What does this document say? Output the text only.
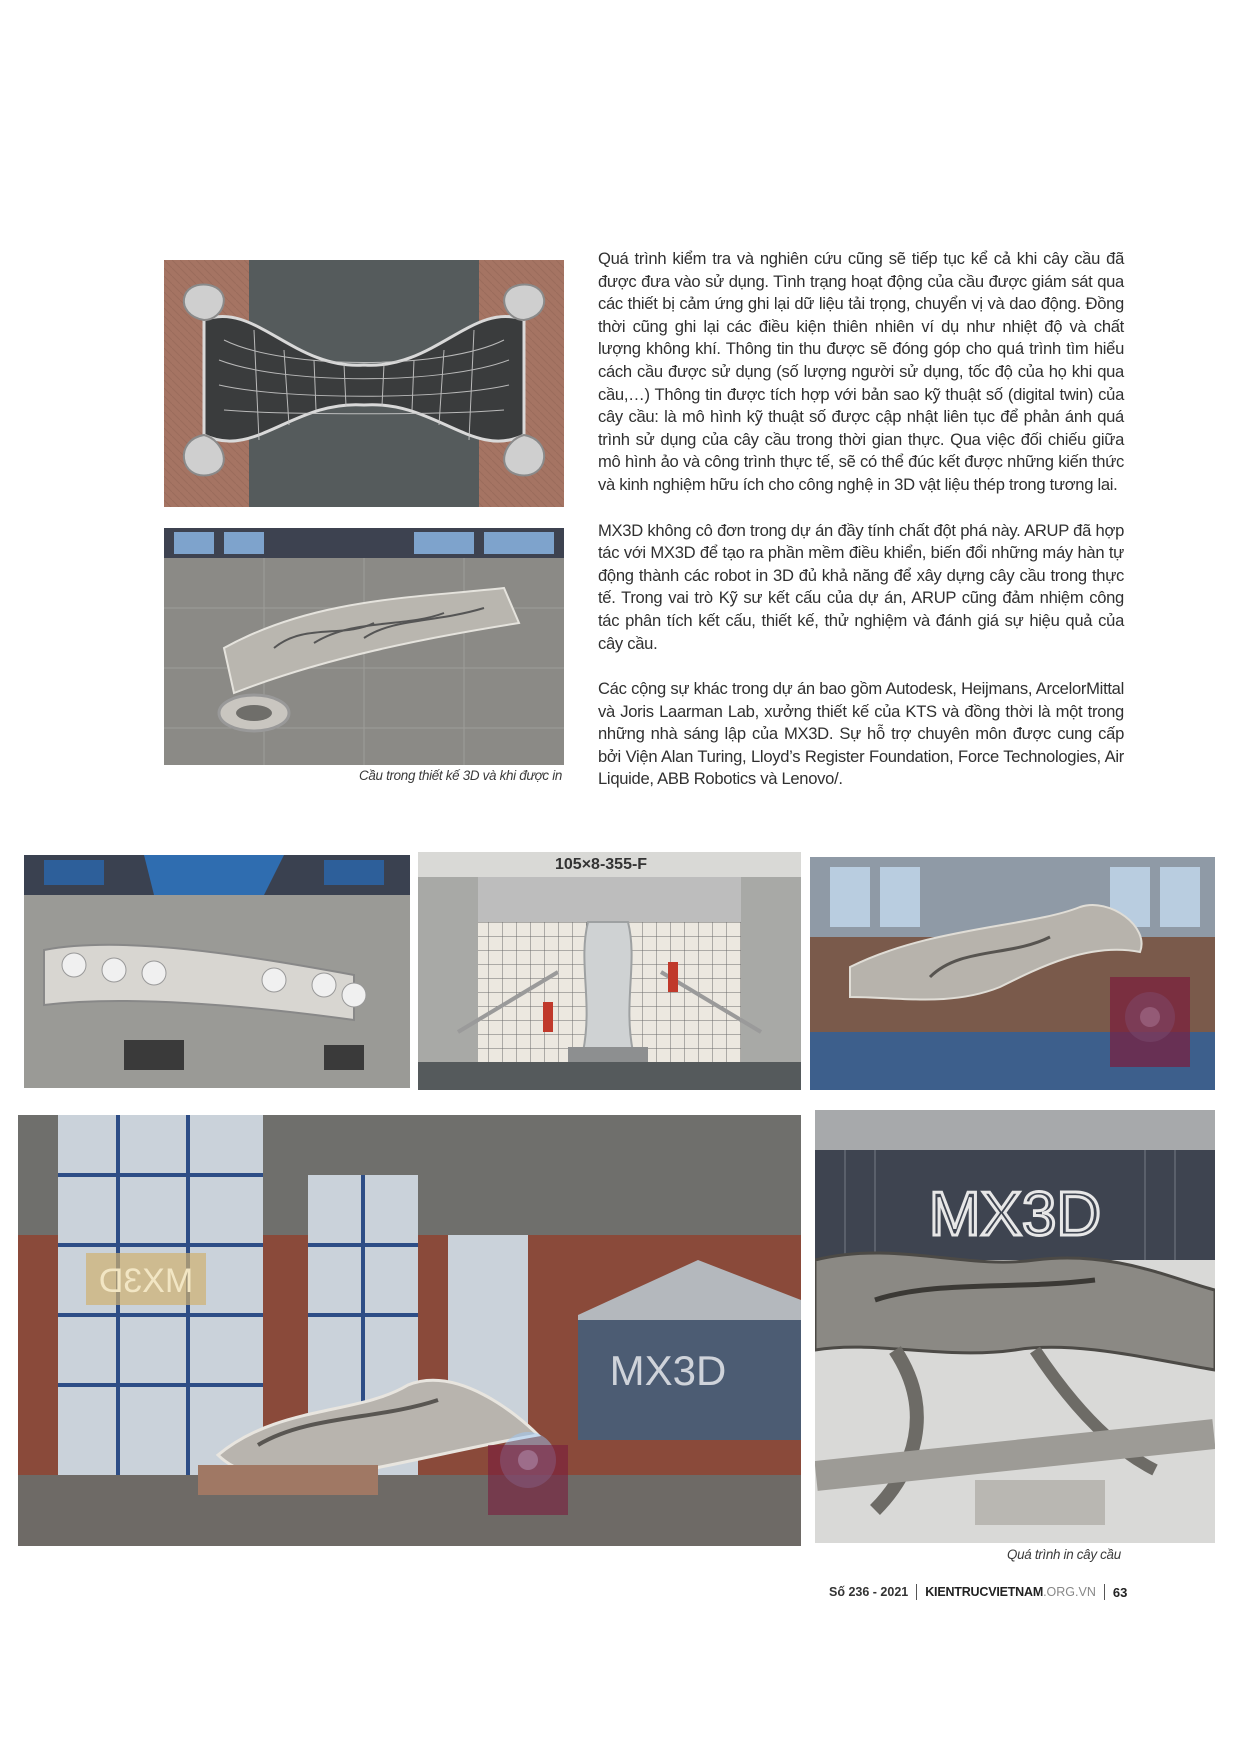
Quá trình kiểm tra và nghiên cứu cũng sẽ tiếp tục kể cả khi cây cầu đã được đưa vào sử dụng. Tình trạng hoạt động của cầu được giám sát qua các thiết bị cảm ứng ghi lại dữ liệu tải trọng, chuyển vị và dao động. Đồng thời cũng ghi lại các điều kiện thiên nhiên ví dụ như nhiệt độ và chất lượng không khí. Thông tin thu được sẽ đóng góp cho quá trình tìm hiểu cách cầu được sử dụng (số lượng người sử dụng, tốc độ của họ khi qua cầu,…) Thông tin được tích hợp với bản sao kỹ thuật số (digital twin) của cây cầu: là mô hình kỹ thuật số được cập nhật liên tục để phản ánh quá trình sử dụng của cây cầu trong thời gian thực. Qua việc đối chiếu giữa mô hình ảo và công trình thực tế, sẽ có thể đúc kết được những kiến thức và kinh nghiệm hữu ích cho công nghệ in 3D vật liệu thép trong tương lai.

MX3D không cô đơn trong dự án đầy tính chất đột phá này. ARUP đã hợp tác với MX3D để tạo ra phần mềm điều khiển, biến đổi những máy hàn tự động thành các robot in 3D đủ khả năng để xây dựng cây cầu trong thực tế. Trong vai trò Kỹ sư kết cấu của dự án, ARUP cũng đảm nhiệm công tác phân tích kết cấu, thiết kế, thử nghiệm và đánh giá sự hiệu quả của cây cầu.

Các cộng sự khác trong dự án bao gồm Autodesk, Heijmans, ArcelorMittal và Joris Laarman Lab, xưởng thiết kế của KTS và đồng thời là một trong những nhà sáng lập của MX3D. Sự hỗ trợ chuyên môn được cung cấp bởi Viện Alan Turing, Lloyd’s Register Foundation, Force Technologies, Air Liquide, ABB Robotics và Lenovo/.

Cầu trong thiết kế 3D và khi được in
105×8-355-F
MX3D
MX3D
MX3D
Quá trình in cây cầu
Số 236 - 2021 KIENTRUCVIETNAM .ORG.VN 63
